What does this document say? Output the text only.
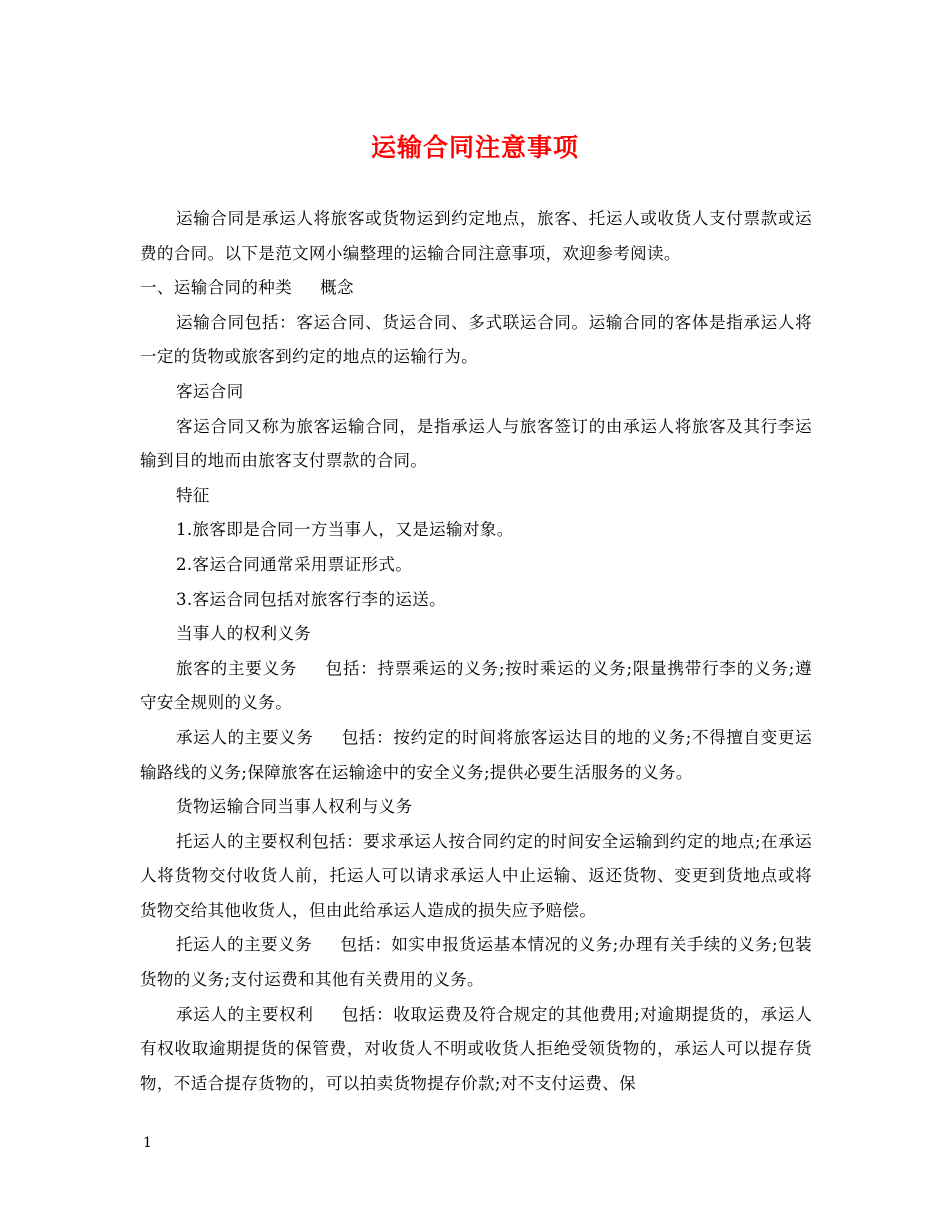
运输合同注意事项

运输合同是承运人将旅客或货物运到约定地点，旅客、托运人或收货人支付票款或运费的合同。以下是范文网小编整理的运输合同注意事项，欢迎参考阅读。

一、运输合同的种类 概念

运输合同包括：客运合同、货运合同、多式联运合同。运输合同的客体是指承运人将一定的货物或旅客到约定的地点的运输行为。

客运合同

客运合同又称为旅客运输合同，是指承运人与旅客签订的由承运人将旅客及其行李运输到目的地而由旅客支付票款的合同。

特征

1.旅客即是合同一方当事人，又是运输对象。

2.客运合同通常采用票证形式。

3.客运合同包括对旅客行李的运送。

当事人的权利义务

旅客的主要义务 包括：持票乘运的义务;按时乘运的义务;限量携带行李的义务;遵守安全规则的义务。

承运人的主要义务 包括：按约定的时间将旅客运达目的地的义务;不得擅自变更运输路线的义务;保障旅客在运输途中的安全义务;提供必要生活服务的义务。

货物运输合同当事人权利与义务

托运人的主要权利包括：要求承运人按合同约定的时间安全运输到约定的地点;在承运人将货物交付收货人前，托运人可以请求承运人中止运输、返还货物、变更到货地点或将货物交给其他收货人，但由此给承运人造成的损失应予赔偿。

托运人的主要义务 包括：如实申报货运基本情况的义务;办理有关手续的义务;包装货物的义务;支付运费和其他有关费用的义务。

承运人的主要权利 包括：收取运费及符合规定的其他费用;对逾期提货的，承运人有权收取逾期提货的保管费，对收货人不明或收货人拒绝受领货物的，承运人可以提存货物，不适合提存货物的，可以拍卖货物提存价款;对不支付运费、保

1
